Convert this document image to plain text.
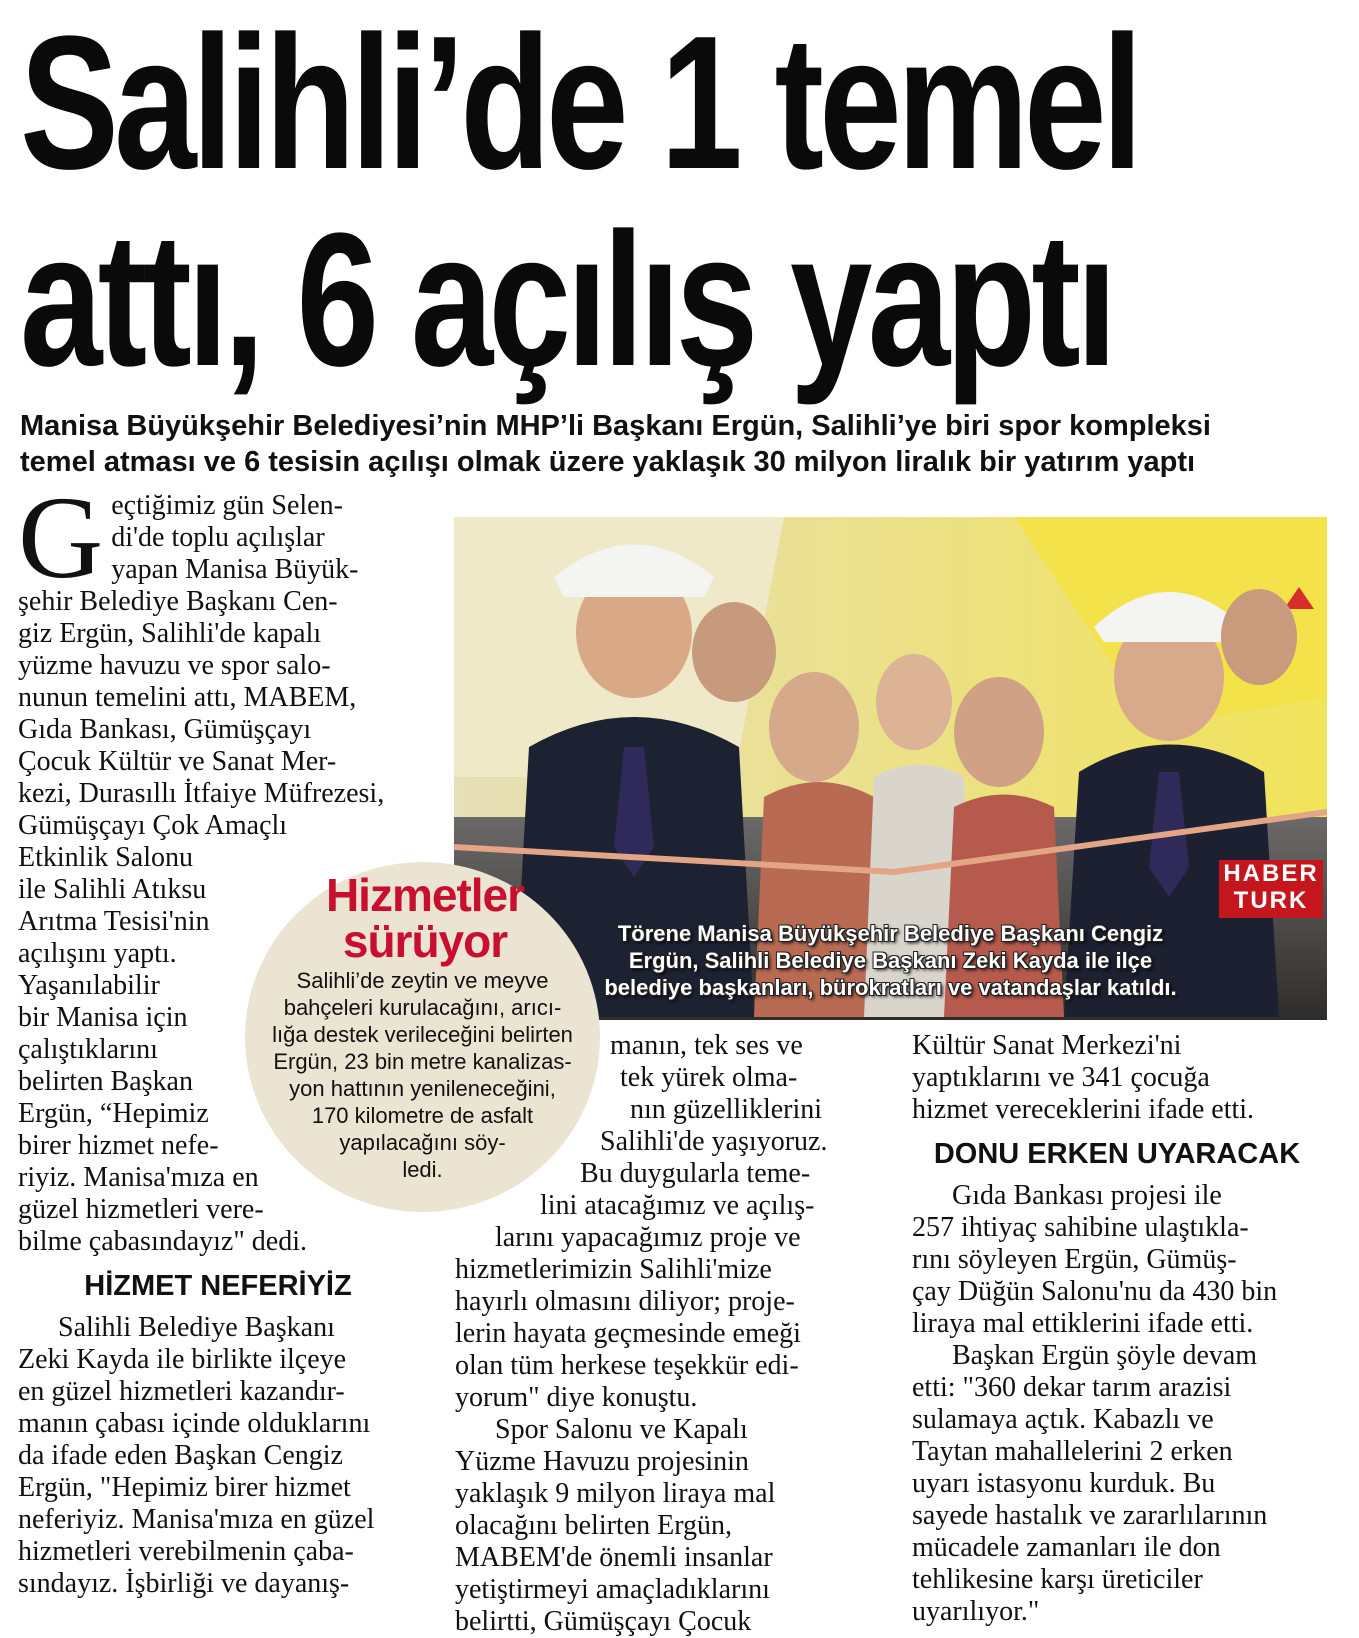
Salihli’de 1 temel
attı, 6 açılış yaptı
Manisa Büyükşehir Belediyesi’nin MHP’li Başkanı Ergün, Salihli’ye biri spor kompleksi
temel atması ve 6 tesisin açılışı olmak üzere yaklaşık 30 milyon liralık bir yatırım yaptı
G eçtiğimiz gün Selen-

di'de toplu açılışlar

yapan Manisa Büyük-

şehir Belediye Başkanı Cen-

giz Ergün, Salihli'de kapalı

yüzme havuzu ve spor salo-

nunun temelini attı, MABEM,

Gıda Bankası, Gümüşçayı

Çocuk Kültür ve Sanat Mer-

kezi, Durasıllı İtfaiye Müfrezesi,

Gümüşçayı Çok Amaçlı

Etkinlik Salonu

ile Salihli Atıksu

Arıtma Tesisi'nin

açılışını yaptı.

Yaşanılabilir

bir Manisa için

çalıştıklarını

belirten Başkan

Ergün, “Hepimiz

birer hizmet nefe-

riyiz. Manisa'mıza en

güzel hizmetleri vere-

bilme çabasındayız" dedi.

HİZMET NEFERİYİZ

Salihli Belediye Başkanı

Zeki Kayda ile birlikte ilçeye

en güzel hizmetleri kazandır-

manın çabası içinde olduklarını

da ifade eden Başkan Cengiz

Ergün, "Hepimiz birer hizmet

neferiyiz. Manisa'mıza en güzel

hizmetleri verebilmenin çaba-

sındayız. İşbirliği ve dayanış-

HABER
TURK
Törene Manisa Büyükşehir Belediye Başkanı Cengiz
Ergün, Salihli Belediye Başkanı Zeki Kayda ile ilçe
belediye başkanları, bürokratları ve vatandaşlar katıldı.
Hizmetler
sürüyor
Salihli’de zeytin ve meyve
bahçeleri kurulacağını, arıcı-
lığa destek verileceğini belirten
Ergün, 23 bin metre kanalizas-
yon hattının yenileneceğini,
170 kilometre de asfalt
yapılacağını söy-
ledi.

manın, tek ses ve

tek yürek olma-

nın güzelliklerini

Salihli'de yaşıyoruz.

Bu duygularla teme-

lini atacağımız ve açılış-

larını yapacağımız proje ve

hizmetlerimizin Salihli'mize

hayırlı olmasını diliyor; proje-

lerin hayata geçmesinde emeği

olan tüm herkese teşekkür edi-

yorum" diye konuştu.

Spor Salonu ve Kapalı

Yüzme Havuzu projesinin

yaklaşık 9 milyon liraya mal

olacağını belirten Ergün,

MABEM'de önemli insanlar

yetiştirmeyi amaçladıklarını

belirtti, Gümüşçayı Çocuk

Kültür Sanat Merkezi'ni

yaptıklarını ve 341 çocuğa

hizmet vereceklerini ifade etti.

DONU ERKEN UYARACAK

Gıda Bankası projesi ile

257 ihtiyaç sahibine ulaştıkla-

rını söyleyen Ergün, Gümüş-

çay Düğün Salonu'nu da 430 bin

liraya mal ettiklerini ifade etti.

Başkan Ergün şöyle devam

etti: "360 dekar tarım arazisi

sulamaya açtık. Kabazlı ve

Taytan mahallelerini 2 erken

uyarı istasyonu kurduk. Bu

sayede hastalık ve zararlılarının

mücadele zamanları ile don

tehlikesine karşı üreticiler

uyarılıyor."
